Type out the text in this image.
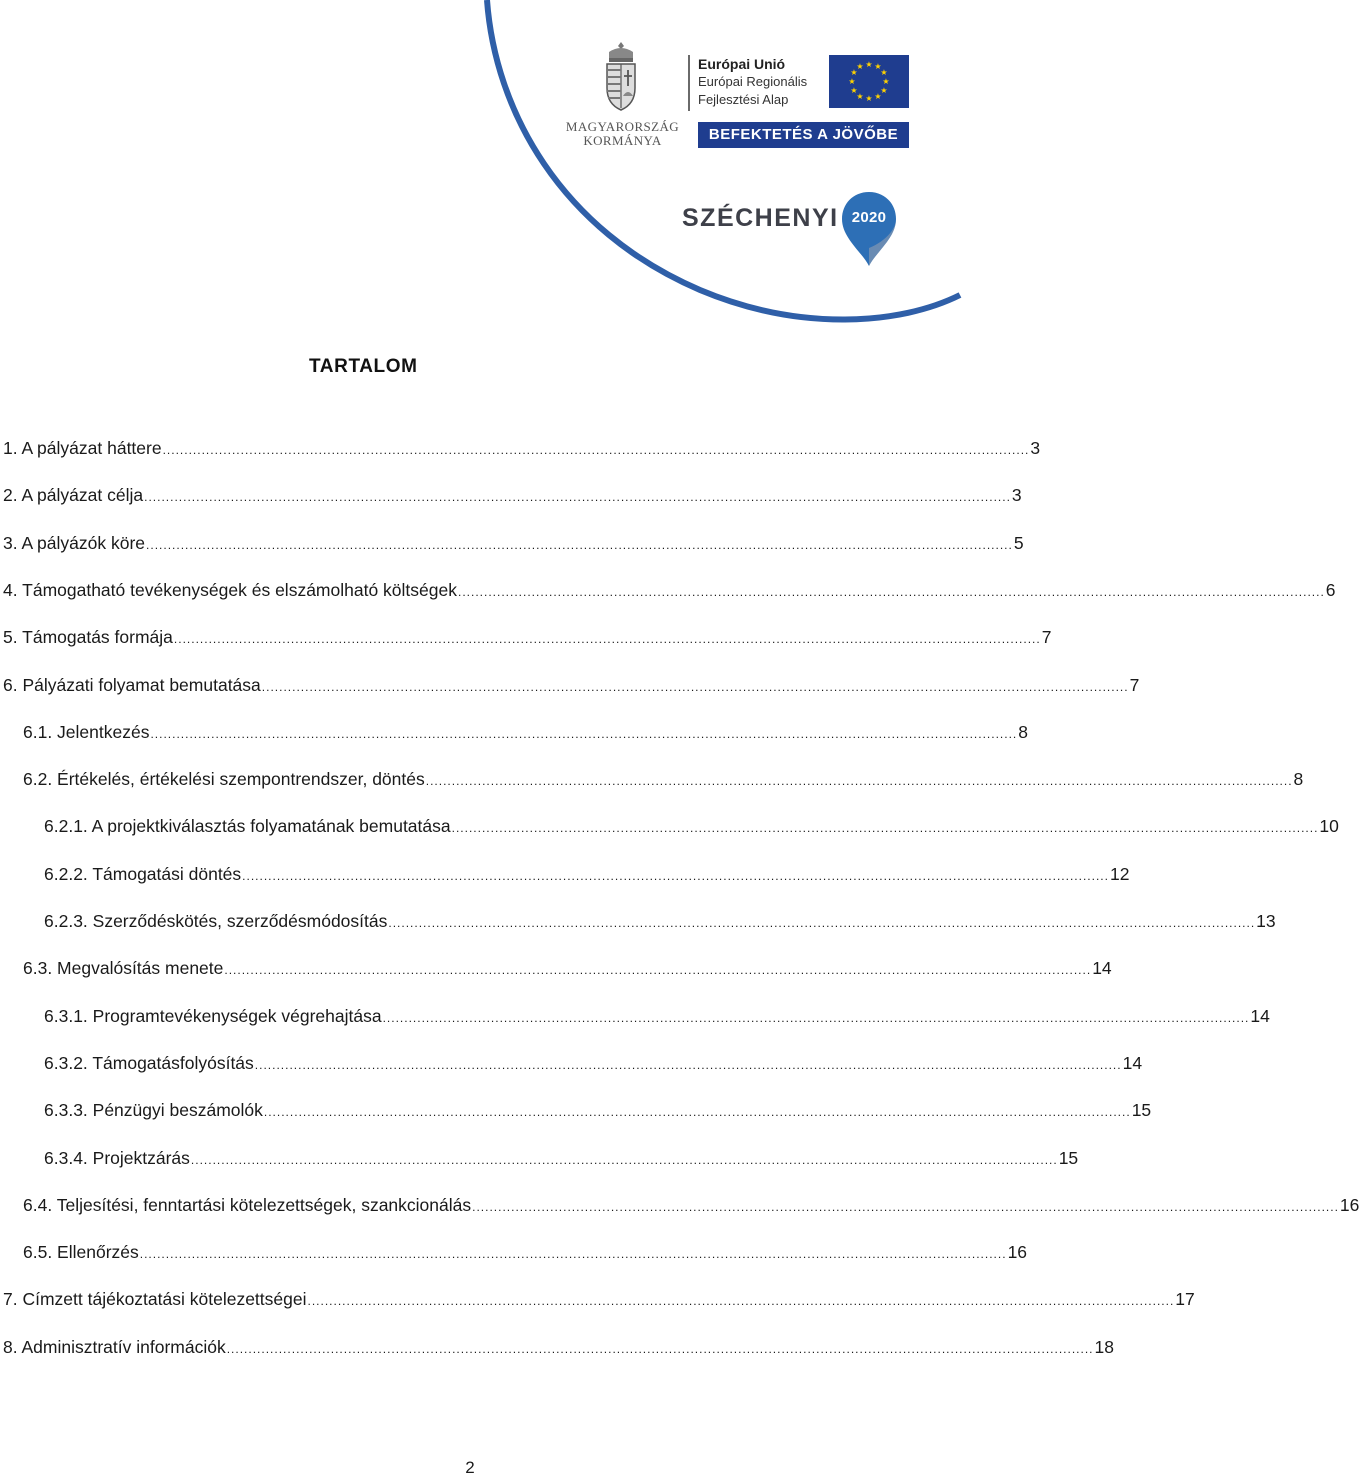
MAGYARORSZÁG
KORMÁNYA
Európai Unió
Európai Regionális
Fejlesztési Alap
★ ★
★
★
★
★
★
★
★
★
★
★
BEFEKTETÉS A JÖVŐBE
SZÉCHENYI 2020
TARTALOM
1. A pályázat háttere ........................................................................................................................................................................................................ 3
2. A pályázat célja ........................................................................................................................................................................................................ 3
3. A pályázók köre ........................................................................................................................................................................................................ 5
4. Támogatható tevékenységek és elszámolható költségek ........................................................................................................................................................................................................ 6
5. Támogatás formája ........................................................................................................................................................................................................ 7
6. Pályázati folyamat bemutatása ........................................................................................................................................................................................................ 7
6.1. Jelentkezés ........................................................................................................................................................................................................ 8
6.2. Értékelés, értékelési szempontrendszer, döntés ........................................................................................................................................................................................................ 8
6.2.1. A projektkiválasztás folyamatának bemutatása ........................................................................................................................................................................................................ 10
6.2.2. Támogatási döntés ........................................................................................................................................................................................................ 12
6.2.3. Szerződéskötés, szerződésmódosítás ........................................................................................................................................................................................................ 13
6.3. Megvalósítás menete ........................................................................................................................................................................................................ 14
6.3.1. Programtevékenységek végrehajtása ........................................................................................................................................................................................................ 14
6.3.2. Támogatásfolyósítás ........................................................................................................................................................................................................ 14
6.3.3. Pénzügyi beszámolók ........................................................................................................................................................................................................ 15
6.3.4. Projektzárás ........................................................................................................................................................................................................ 15
6.4. Teljesítési, fenntartási kötelezettségek, szankcionálás ........................................................................................................................................................................................................ 16
6.5. Ellenőrzés ........................................................................................................................................................................................................ 16
7. Címzett tájékoztatási kötelezettségei ........................................................................................................................................................................................................ 17
8. Adminisztratív információk ........................................................................................................................................................................................................ 18
2
